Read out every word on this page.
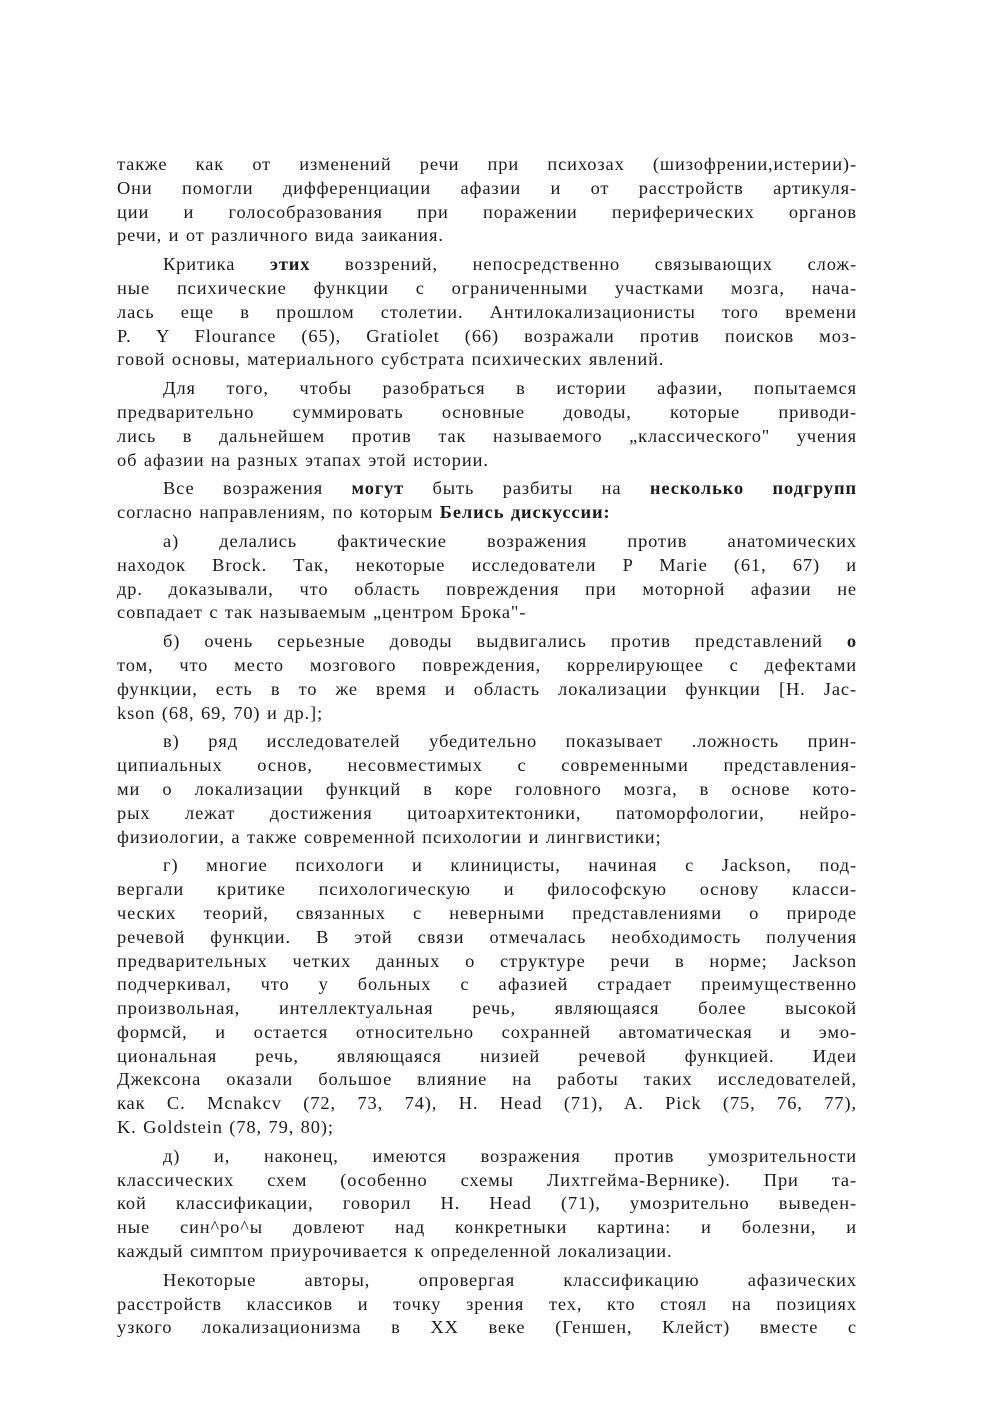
также как от изменений речи при психозах (шизофрении,истерии)-
Они помогли дифференциации афазии и от расстройств артикуля-
ции и голособразования при поражении периферических органов
речи, и от различного вида заикания.
Критика этих воззрений, непосредственно связывающих слож-
ные психические функции с ограниченными участками мозга, нача-
лась еще в прошлом столетии. Антилокализационисты того времени
P. Y Flourance (65), Gratiolet (66) возражали против поисков моз-
говой основы, материального субстрата психических явлений.
Для того, чтобы разобраться в истории афазии, попытаемся
предварительно суммировать основные доводы, которые приводи-
лись в дальнейшем против так называемого „классического" учения
об афазии на разных этапах этой истории.
Все возражения могут быть разбиты на несколько подгрупп
согласно направлениям, по которым Белись дискуссии:
а) делались фактические возражения против анатомических
находок Brock. Так, некоторые исследователи P Marie (61, 67) и
др. доказывали, что область повреждения при моторной афазии не
совпадает с так называемым „центром Брока"-
б) очень серьезные доводы выдвигались против представлений о
том, что место мозгового повреждения, коррелирующее с дефектами
функции, есть в то же время и область локализации функции [H. Jac-
kson (68, 69, 70) и др.];
в) ряд исследователей убедительно показывает .ложность прин-
ципиальных основ, несовместимых с современными представления-
ми о локализации функций в коре головного мозга, в основе кото-
рых лежат достижения цитоархитектоники, патоморфологии, нейро-
физиологии, а также современной психологии и лингвистики;
г) многие психологи и клиницисты, начиная с Jackson, под-
вергали критике психологическую и философскую основу класси-
ческих теорий, связанных с неверными представлениями о природе
речевой функции. В этой связи отмечалась необходимость получения
предварительных четких данных о структуре речи в норме; Jackson
подчеркивал, что у больных с афазией страдает преимущественно
произвольная, интеллектуальная речь, являющаяся более высокой
формсй, и остается относительно сохранней автоматическая и эмо-
циональная речь, являющаяся низией речевой функцией. Идеи
Джексона оказали большое влияние на работы таких исследователей,
как C. Mcnakcv (72, 73, 74), H. Head (71), A. Pick (75, 76, 77),
K. Goldstein (78, 79, 80);
д) и, наконец, имеются возражения против умозрительности
классических схем (особенно схемы Лихтгейма-Вернике). При та-
кой классификации, говорил H. Head (71), умозрительно выведен-
ные син^ро^ы довлеют над конкретныки картина: и болезни, и
каждый симптом приурочивается к определенной локализации.
Некоторые авторы, опровергая классификацию афазических
расстройств классиков и точку зрения тех, кто стоял на позициях
узкого локализационизма в XX веке (Геншен, Клейст) вместе с
